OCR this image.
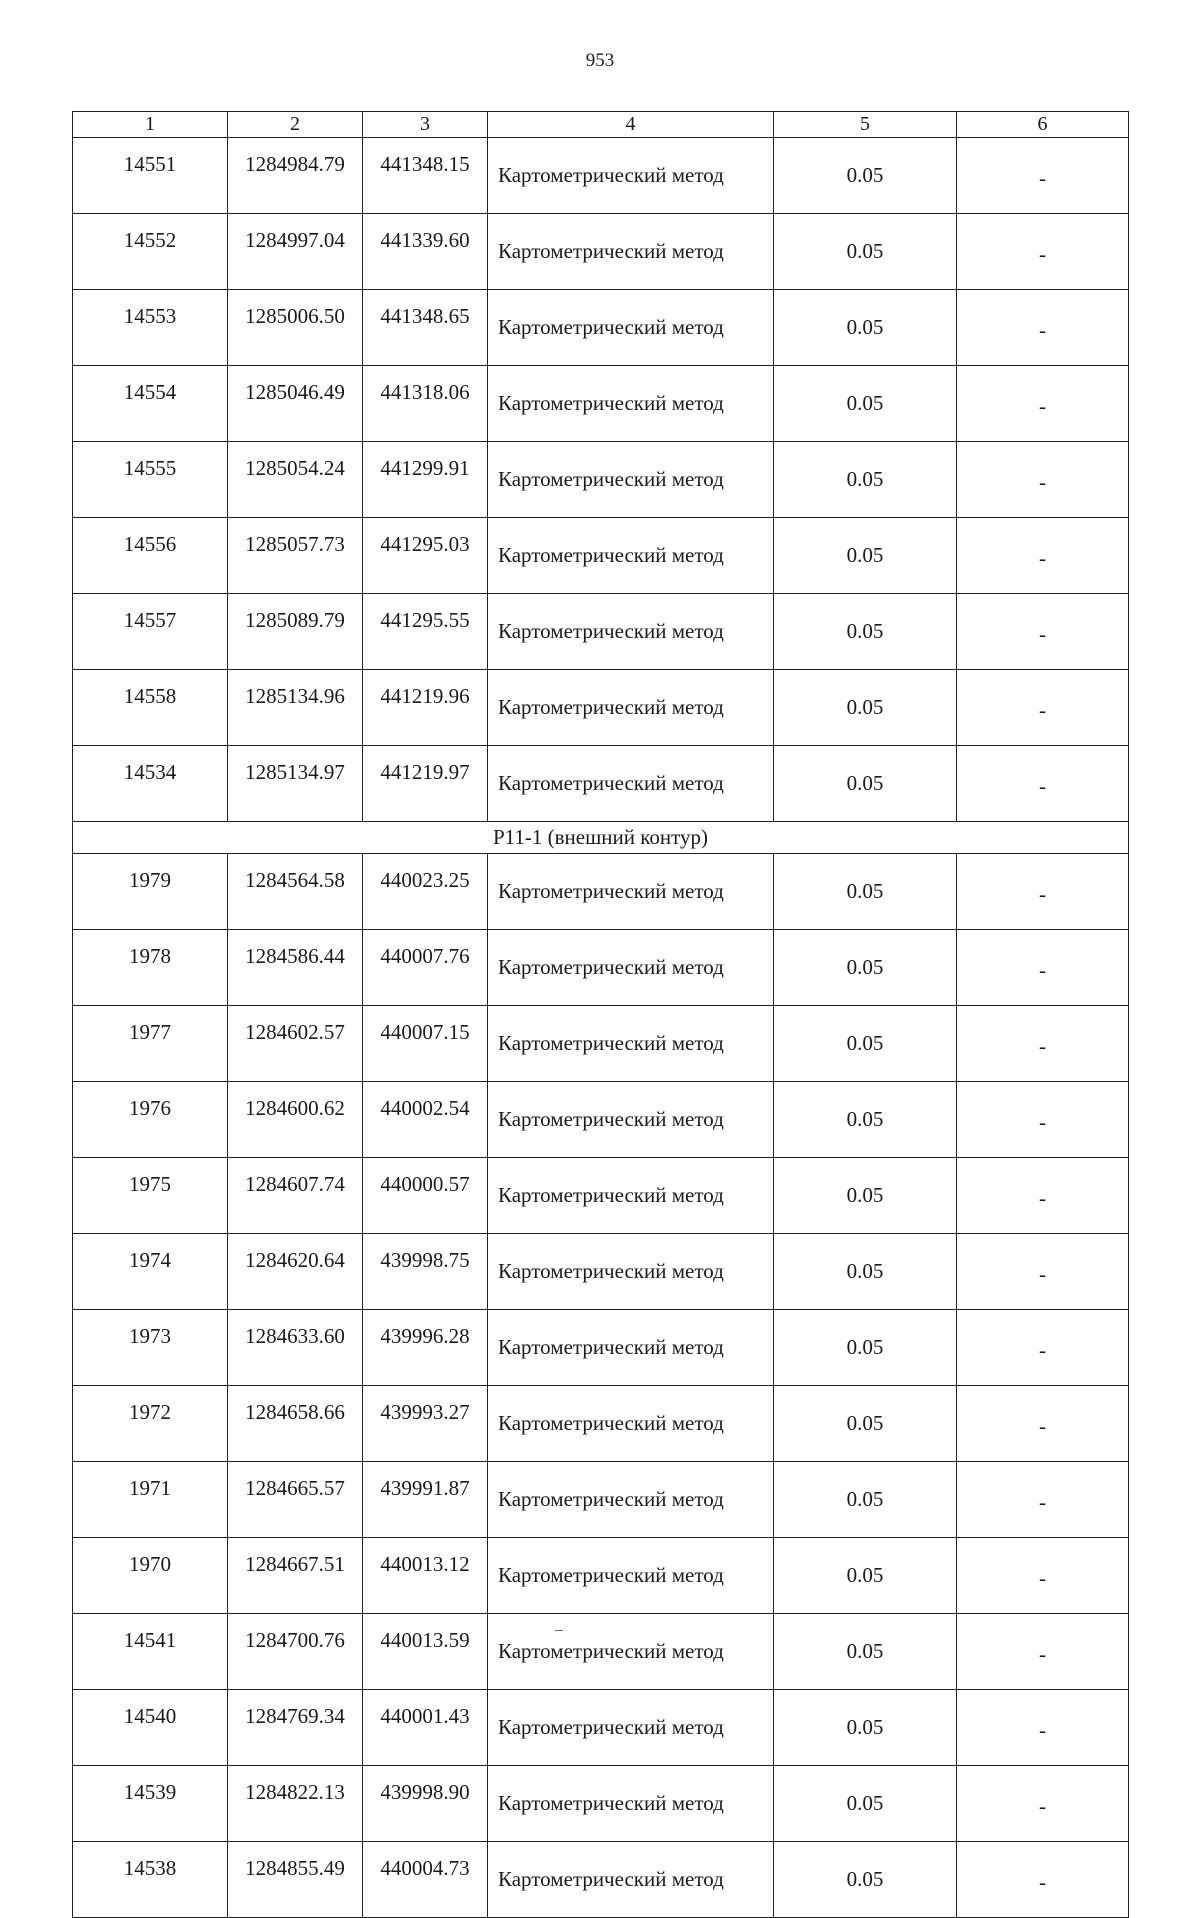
953
1	2	3	4	5	6
14551	1284984.79	441348.15	Картометрический метод	0.05	-
14552	1284997.04	441339.60	Картометрический метод	0.05	-
14553	1285006.50	441348.65	Картометрический метод	0.05	-
14554	1285046.49	441318.06	Картометрический метод	0.05	-
14555	1285054.24	441299.91	Картометрический метод	0.05	-
14556	1285057.73	441295.03	Картометрический метод	0.05	-
14557	1285089.79	441295.55	Картометрический метод	0.05	-
14558	1285134.96	441219.96	Картометрический метод	0.05	-
14534	1285134.97	441219.97	Картометрический метод	0.05	-
Р11-1 (внешний контур)					
1979	1284564.58	440023.25	Картометрический метод	0.05	-
1978	1284586.44	440007.76	Картометрический метод	0.05	-
1977	1284602.57	440007.15	Картометрический метод	0.05	-
1976	1284600.62	440002.54	Картометрический метод	0.05	-
1975	1284607.74	440000.57	Картометрический метод	0.05	-
1974	1284620.64	439998.75	Картометрический метод	0.05	-
1973	1284633.60	439996.28	Картометрический метод	0.05	-
1972	1284658.66	439993.27	Картометрический метод	0.05	-
1971	1284665.57	439991.87	Картометрический метод	0.05	-
1970	1284667.51	440013.12	Картометрический метод	0.05	-
14541	1284700.76	440013.59	Картометрический метод	0.05	-
14540	1284769.34	440001.43	Картометрический метод	0.05	-
14539	1284822.13	439998.90	Картометрический метод	0.05	-
14538	1284855.49	440004.73	Картометрический метод	0.05	-
